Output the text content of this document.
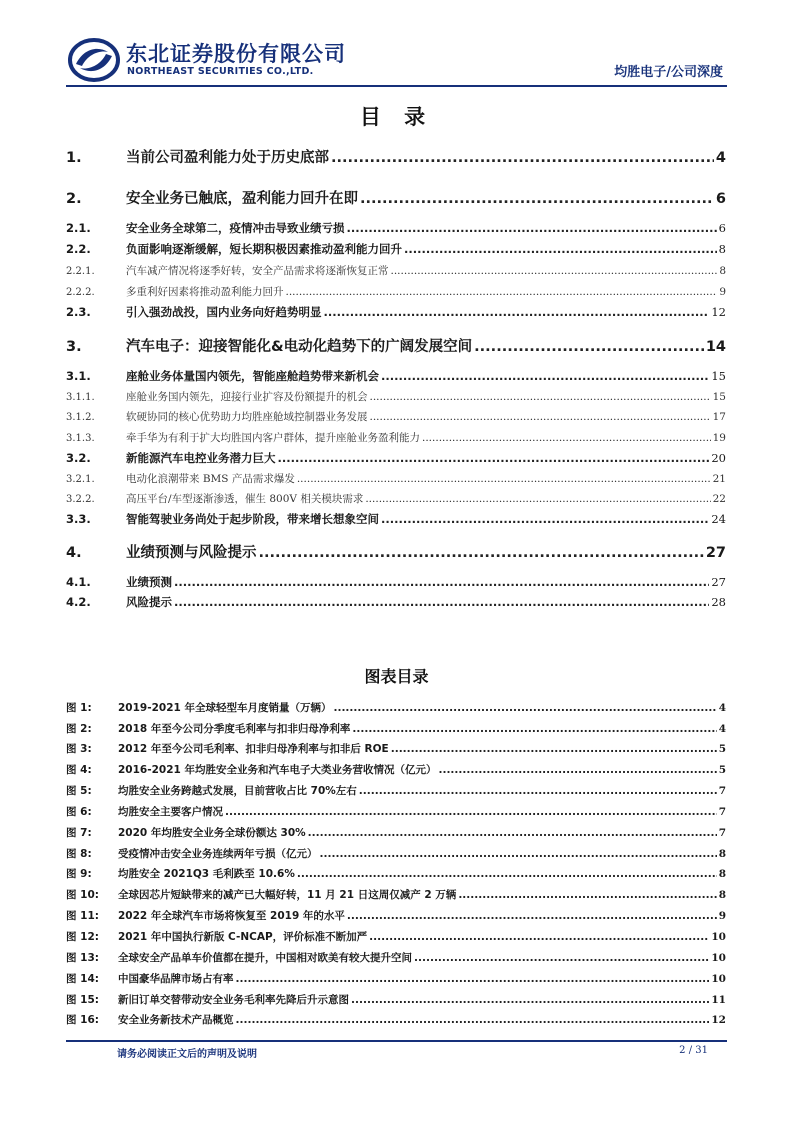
东北证券股份有限公司
NORTHEAST SECURITIES CO.,LTD.	均胜电子/公司深度
目 录
1.	当前公司盈利能力处于历史底部 .....	4
2.	安全业务已触底，盈利能力回升在即 .....	6
2.1.	安全业务全球第二，疫情冲击导致业绩亏损 .....	6
2.2.	负面影响逐渐缓解，短长期积极因素推动盈利能力回升 .....	8
2.2.1.	汽车减产情况将逐季好转，安全产品需求将逐渐恢复正常 .....	8
2.2.2.	多重利好因素将推动盈利能力回升 .....	9
2.3.	引入强劲战投，国内业务向好趋势明显 .....	12
3.	汽车电子：迎接智能化&电动化趋势下的广阔发展空间 .....	14
3.1.	座舱业务体量国内领先，智能座舱趋势带来新机会 .....	15
3.1.1.	座舱业务国内领先，迎接行业扩容及份额提升的机会 .....	15
3.1.2.	软硬协同的核心优势助力均胜座舱域控制器业务发展 .....	17
3.1.3.	牵手华为有利于扩大均胜国内客户群体，提升座舱业务盈利能力 .....	19
3.2.	新能源汽车电控业务潜力巨大 .....	20
3.2.1.	电动化浪潮带来 BMS 产品需求爆发 .....	21
3.2.2.	高压平台/车型逐渐渗透，催生 800V 相关模块需求 .....	22
3.3.	智能驾驶业务尚处于起步阶段，带来增长想象空间 .....	24
4.	业绩预测与风险提示 .....	27
4.1.	业绩预测 .....	27
4.2.	风险提示 .....	28
图表目录
图 1:	2019-2021 年全球轻型车月度销量（万辆） .....	4
图 2:	2018 年至今公司分季度毛利率与扣非归母净利率 .....	4
图 3:	2012 年至今公司毛利率、扣非归母净利率与扣非后 ROE .....	5
图 4:	2016-2021 年均胜安全业务和汽车电子大类业务营收情况（亿元） .....	5
图 5:	均胜安全业务跨越式发展，目前营收占比 70%左右 .....	7
图 6:	均胜安全主要客户情况 .....	7
图 7:	2020 年均胜安全业务全球份额达 30% .....	7
图 8:	受疫情冲击安全业务连续两年亏损（亿元） .....	8
图 9:	均胜安全 2021Q3 毛利跌至 10.6% .....	8
图 10:	全球因芯片短缺带来的减产已大幅好转，11 月 21 日这周仅减产 2 万辆 .....	8
图 11:	2022 年全球汽车市场将恢复至 2019 年的水平 .....	9
图 12:	2021 年中国执行新版 C-NCAP，评价标准不断加严 .....	10
图 13:	全球安全产品单车价值都在提升，中国相对欧美有较大提升空间 .....	10
图 14:	中国豪华品牌市场占有率 .....	10
图 15:	新旧订单交替带动安全业务毛利率先降后升示意图 .....	11
图 16:	安全业务新技术产品概览 .....	12
请务必阅读正文后的声明及说明	2 / 31
